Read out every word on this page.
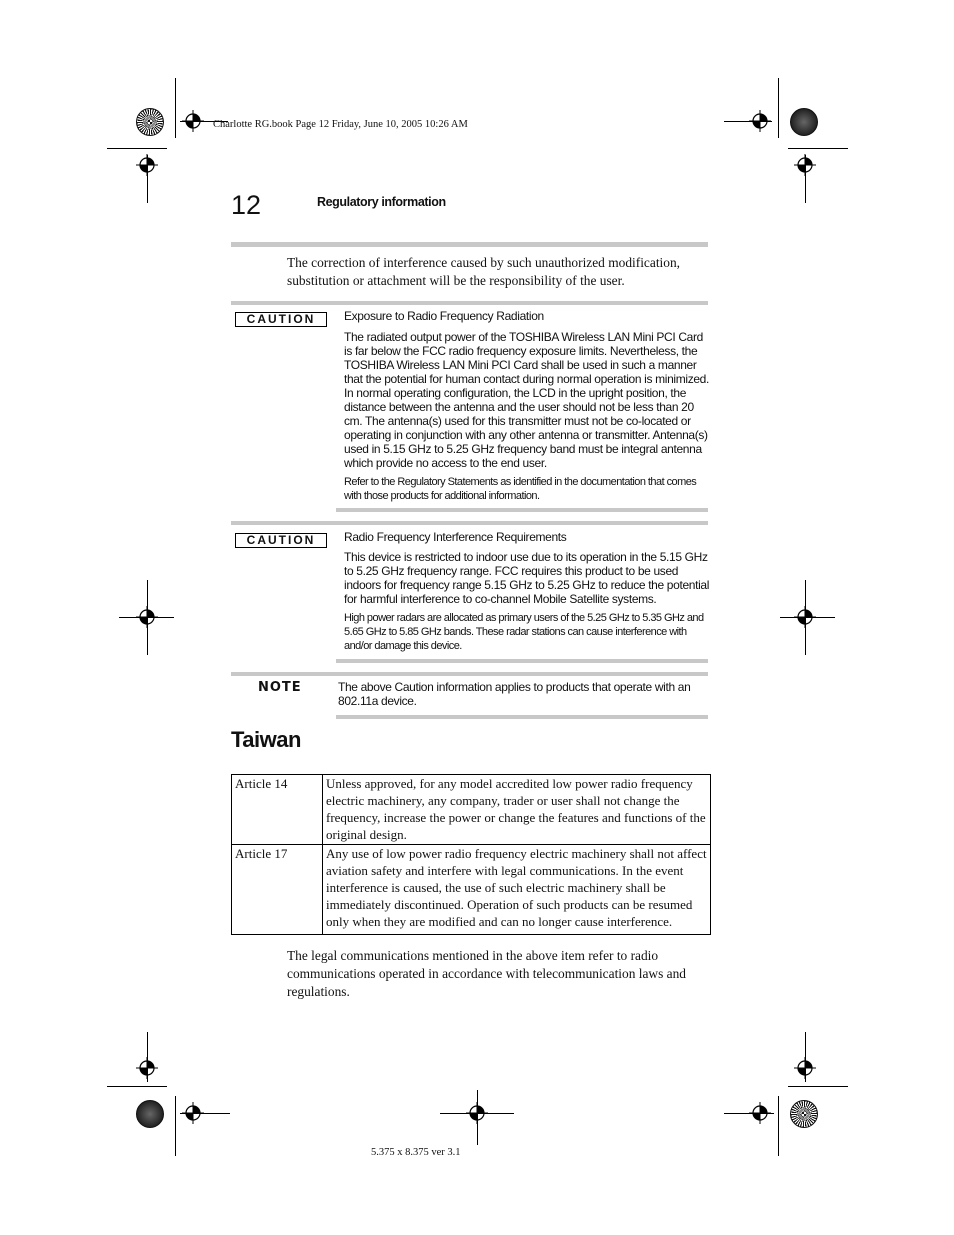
Charlotte RG.book Page 12 Friday, June 10, 2005 10:26 AM
12	Regulatory information
The correction of interference caused by such unauthorized modification, substitution or attachment will be the responsibility of the user.
CAUTION	Exposure to Radio Frequency Radiation
The radiated output power of the TOSHIBA Wireless LAN Mini PCI Card is far below the FCC radio frequency exposure limits. Nevertheless, the TOSHIBA Wireless LAN Mini PCI Card shall be used in such a manner that the potential for human contact during normal operation is minimized. In normal operating configuration, the LCD in the upright position, the distance between the antenna and the user should not be less than 20 cm. The antenna(s) used for this transmitter must not be co-located or operating in conjunction with any other antenna or transmitter. Antenna(s) used in 5.15 GHz to 5.25 GHz frequency band must be integral antenna which provide no access to the end user.
Refer to the Regulatory Statements as identified in the documentation that comes with those products for additional information.
CAUTION	Radio Frequency Interference Requirements
This device is restricted to indoor use due to its operation in the 5.15 GHz to 5.25 GHz frequency range. FCC requires this product to be used indoors for frequency range 5.15 GHz to 5.25 GHz to reduce the potential for harmful interference to co-channel Mobile Satellite systems.
High power radars are allocated as primary users of the 5.25 GHz to 5.35 GHz and 5.65 GHz to 5.85 GHz bands. These radar stations can cause interference with and/or damage this device.
NOTE	The above Caution information applies to products that operate with an 802.11a device.
Taiwan
Article 14	Unless approved, for any model accredited low power radio frequency electric machinery, any company, trader or user shall not change the frequency, increase the power or change the features and functions of the original design.
Article 17	Any use of low power radio frequency electric machinery shall not affect aviation safety and interfere with legal communications. In the event interference is caused, the use of such electric machinery shall be immediately discontinued. Operation of such products can be resumed only when they are modified and can no longer cause interference.
The legal communications mentioned in the above item refer to radio communications operated in accordance with telecommunication laws and regulations.
5.375 x 8.375 ver 3.1
